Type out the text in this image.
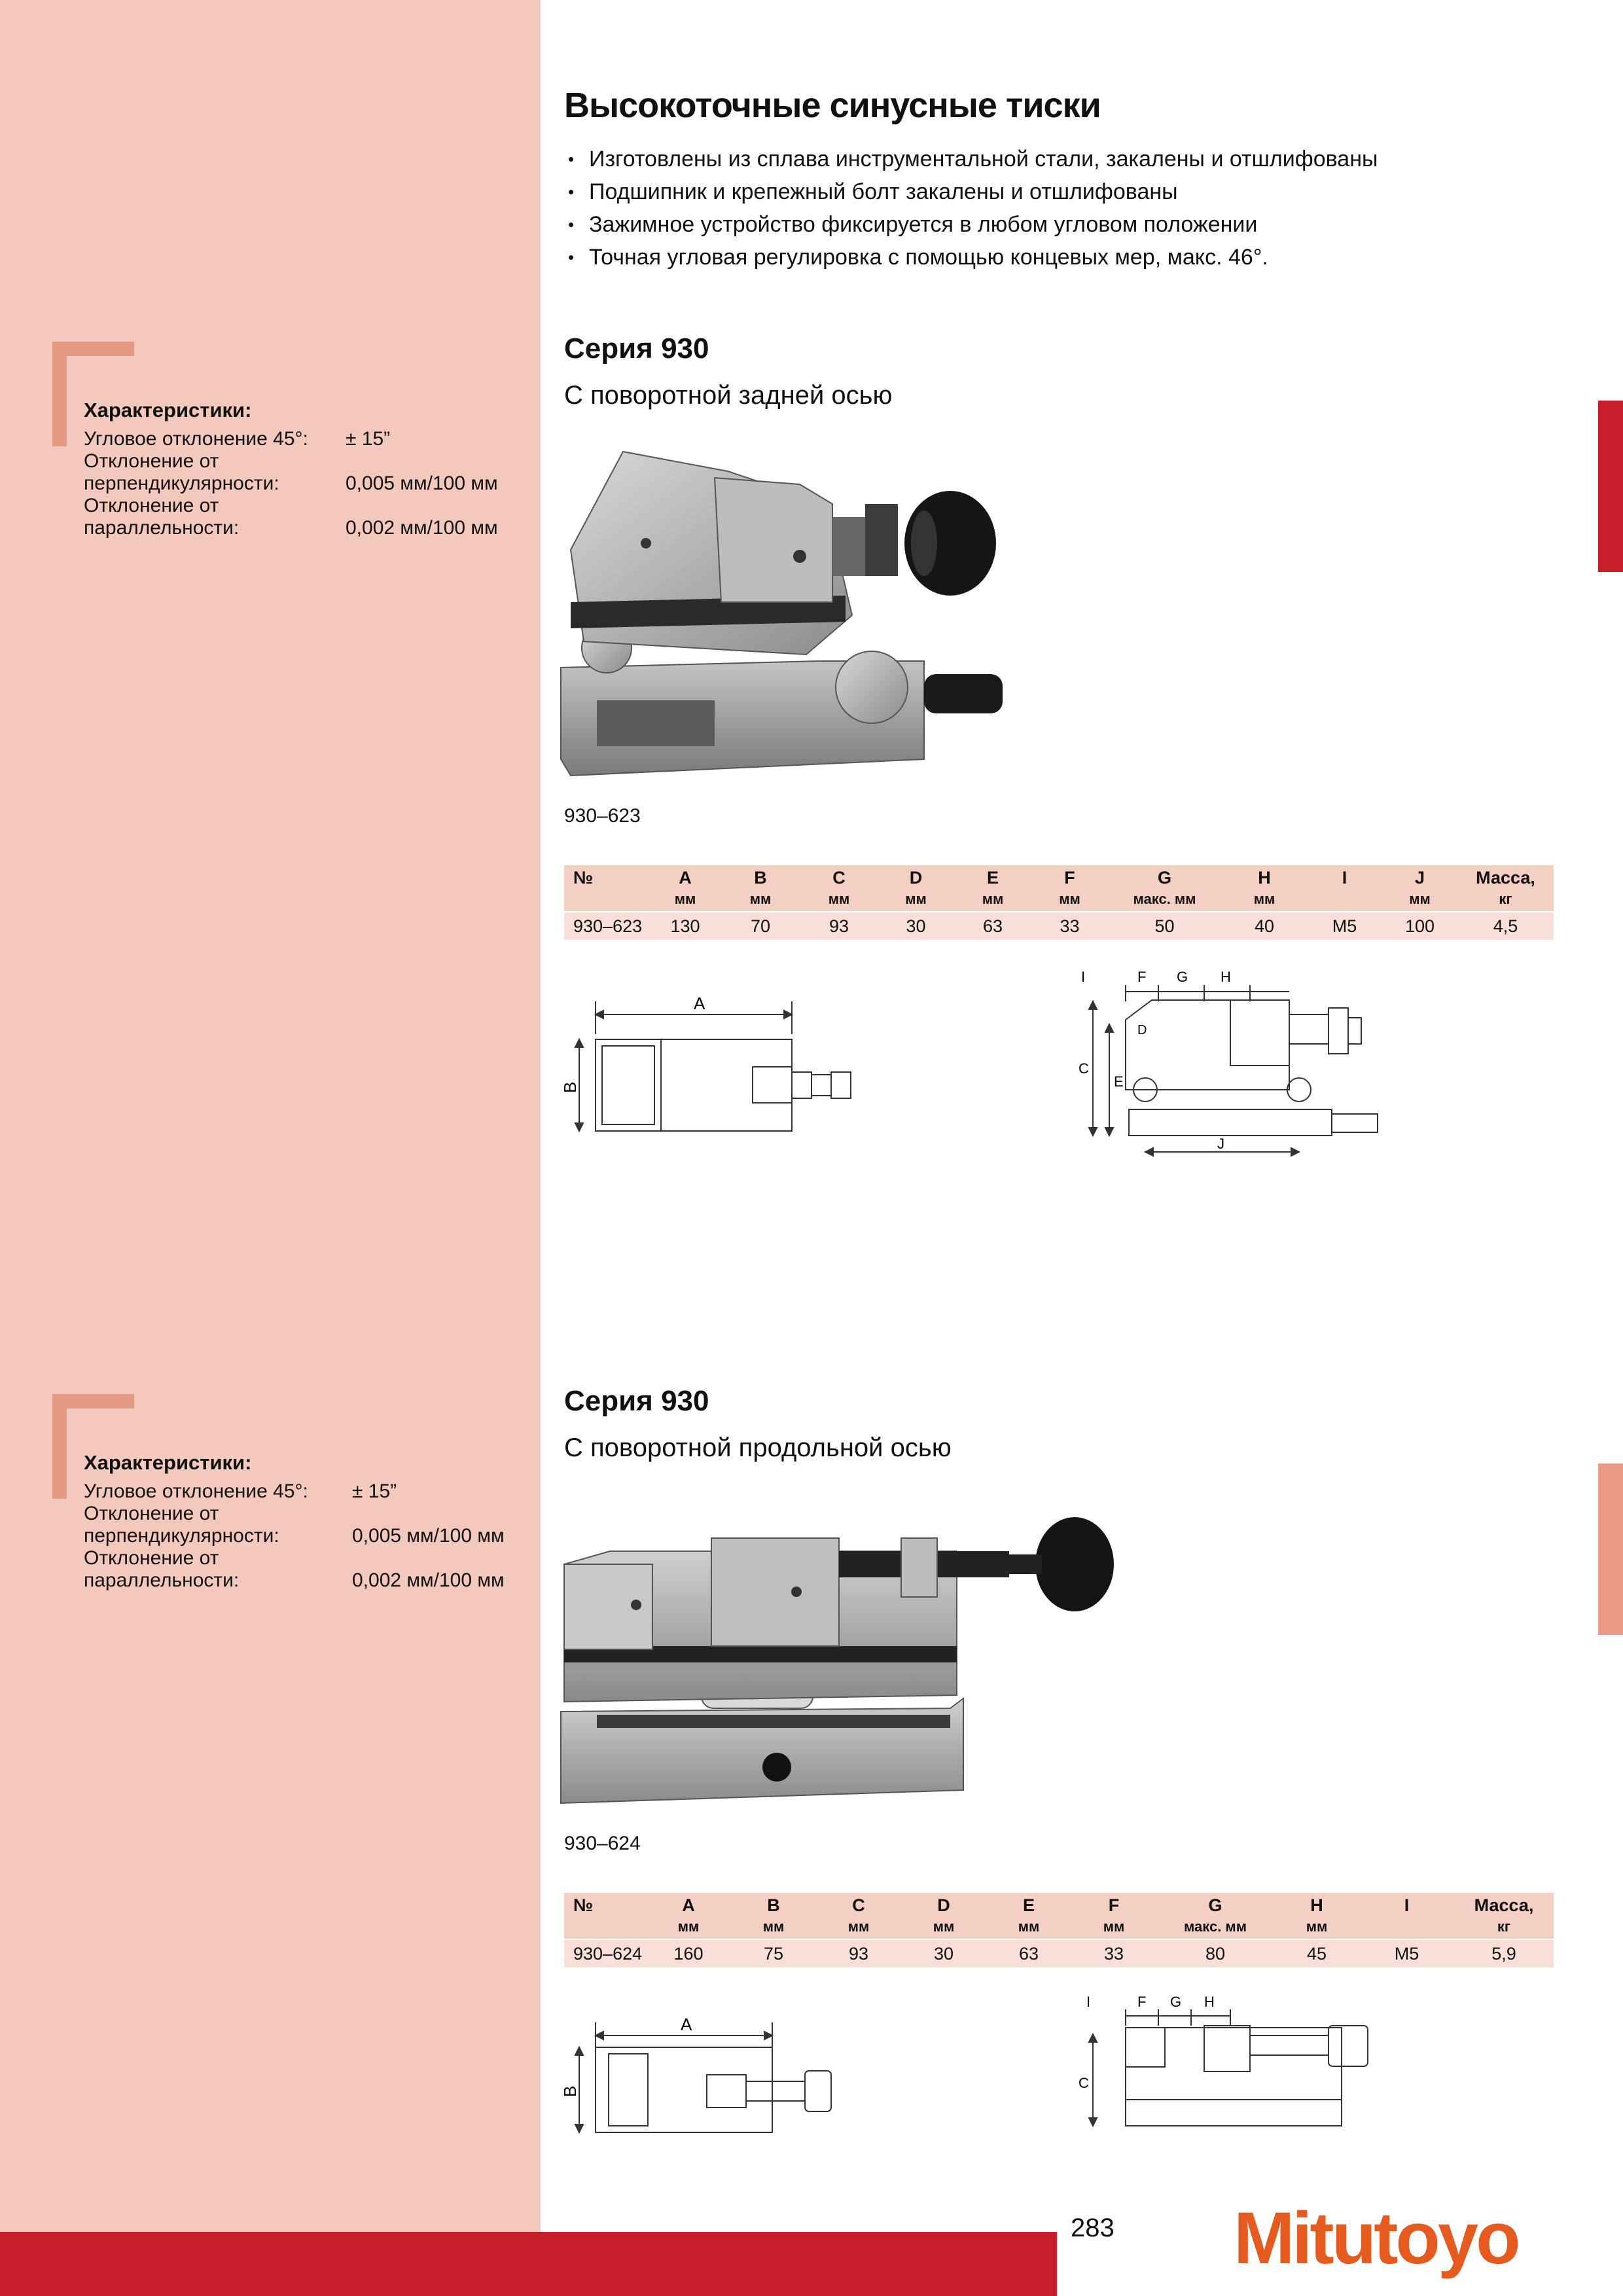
Высокоточные синусные тиски
• Изготовлены из сплава инструментальной стали, закалены и отшлифованы
• Подшипник и крепежный болт закалены и отшлифованы
• Зажимное устройство фиксируется в любом угловом положении
• Точная угловая регулировка с помощью концевых мер, макс. 46°.
Характеристики:
Угловое отклонение 45°:	± 15”
Отклонение от
перпендикулярности:	0,005 мм/100 мм
Отклонение от
параллельности:	0,002 мм/100 мм
Серия 930
С поворотной задней осью
930–623
№	A	B	C	D	E	F	G	H	I	J	Масса,
	мм	мм	мм	мм	мм	мм	макс. мм	мм		мм	кг
930–623	130	70	93	30	63	33	50	40	M5	100	4,5
A
B
I	F G H
D
C
E
J
Характеристики:
Угловое отклонение 45°:	± 15”
Отклонение от
перпендикулярности:	0,005 мм/100 мм
Отклонение от
параллельности:	0,002 мм/100 мм
Серия 930
С поворотной продольной осью
930–624
№	A	B	C	D	E	F	G	H	I	Масса,
	мм	мм	мм	мм	мм	мм	макс. мм	мм		кг
930–624	160	75	93	30	63	33	80	45	M5	5,9
A
B
I	F G H
C
283 Mitutoyo
